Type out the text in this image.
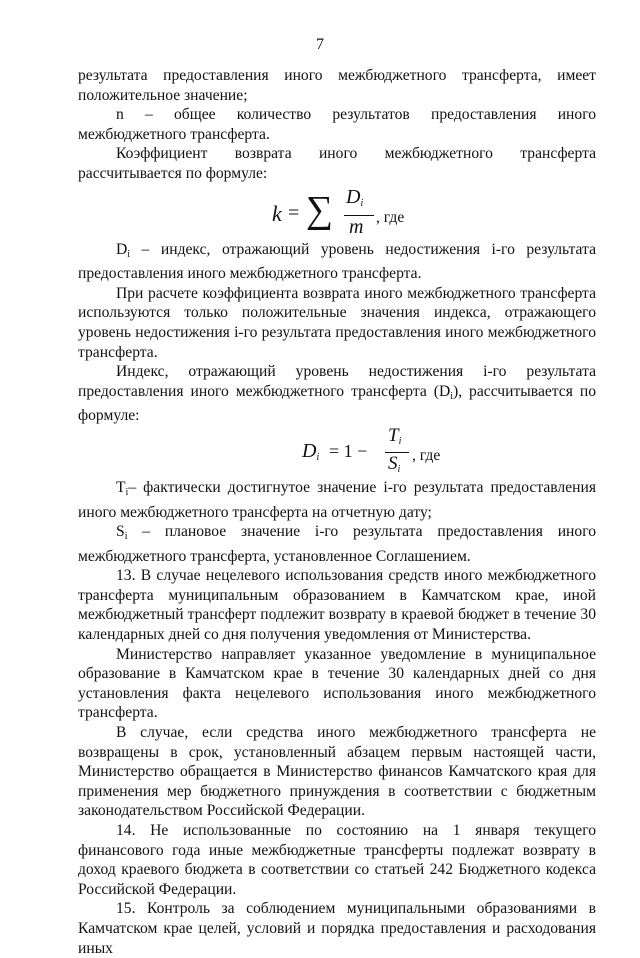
7

результата предоставления иного межбюджетного трансферта, имеет положительное значение;

n – общее количество результатов предоставления иного межбюджетного трансферта.

Коэффициент возврата иного межбюджетного трансферта рассчитывается по формуле:

k = ∑ $D_i$
m , где

$D_i$ – индекс, отражающий уровень недостижения i-го результата предоставления иного межбюджетного трансферта.

При расчете коэффициента возврата иного межбюджетного трансферта используются только положительные значения индекса, отражающего уровень недостижения i-го результата предоставления иного межбюджетного трансферта.

Индекс, отражающий уровень недостижения i-го результата предоставления иного межбюджетного трансферта $(D_i)$, рассчитывается по формуле:

$D_i = 1$ −
$T_i$
$S_i$
, где

$T_i-$ фактически достигнутое значение i-го результата предоставления иного межбюджетного трансферта на отчетную дату;

$S_i$ – плановое значение i-го результата предоставления иного межбюджетного трансферта, установленное Соглашением.

13. В случае нецелевого использования средств иного межбюджетного трансферта муниципальным образованием в Камчатском крае, иной межбюджетный трансферт подлежит возврату в краевой бюджет в течение 30 календарных дней со дня получения уведомления от Министерства.

Министерство направляет указанное уведомление в муниципальное образование в Камчатском крае в течение 30 календарных дней со дня установления факта нецелевого использования иного межбюджетного трансферта.

В случае, если средства иного межбюджетного трансферта не возвращены в срок, установленный абзацем первым настоящей части, Министерство обращается в Министерство финансов Камчатского края для применения мер бюджетного принуждения в соответствии с бюджетным законодательством Российской Федерации.

14. Не использованные по состоянию на 1 января текущего финансового года иные межбюджетные трансферты подлежат возврату в доход краевого бюджета в соответствии со статьей 242 Бюджетного кодекса Российской Федерации.

15. Контроль за соблюдением муниципальными образованиями в Камчатском крае целей, условий и порядка предоставления и расходования иных
